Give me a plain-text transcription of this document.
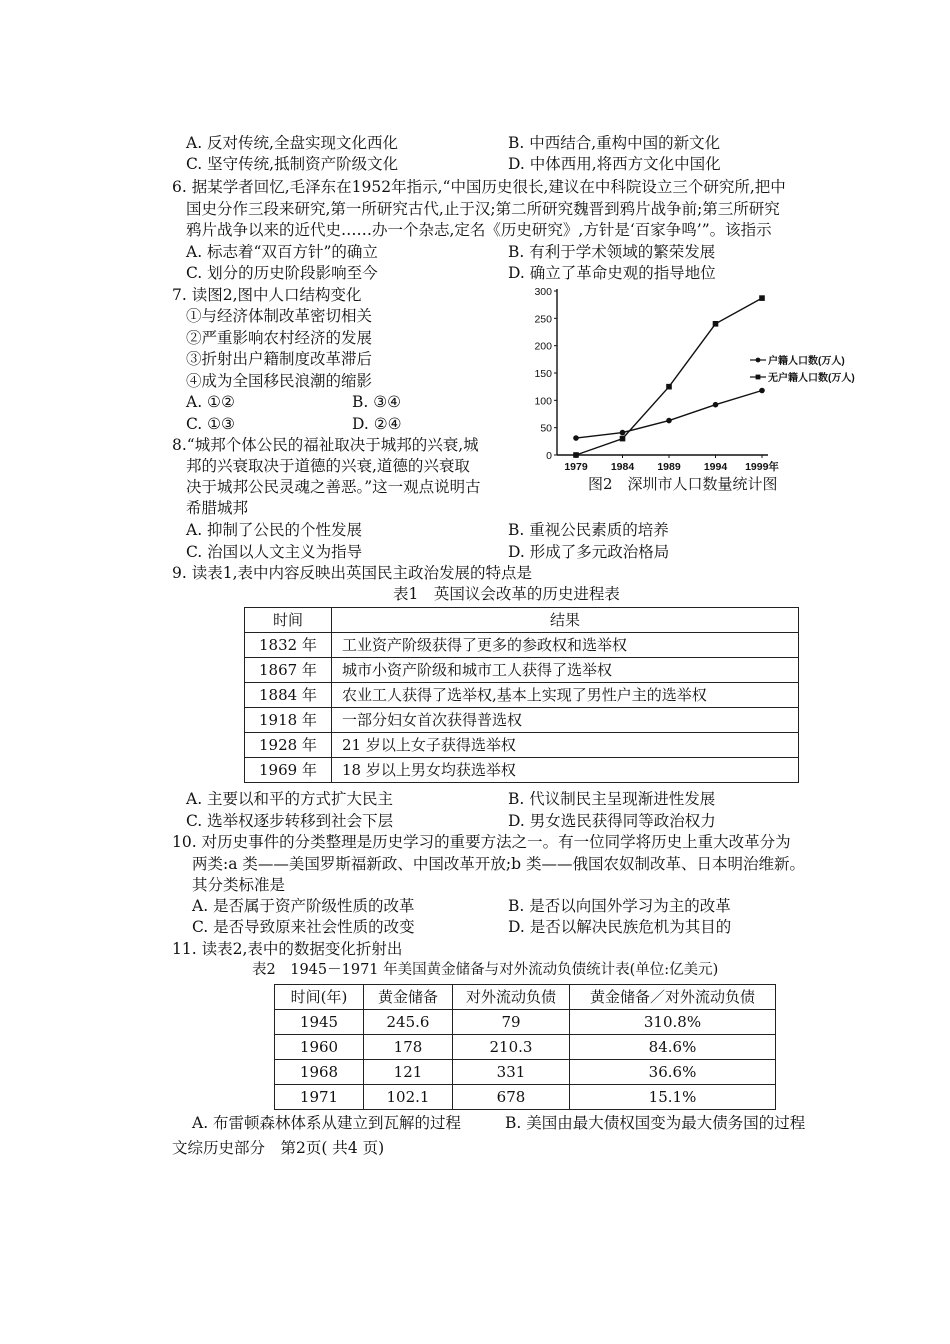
A. 反对传统,全盘实现文化西化	B. 中西结合,重构中国的新文化
C. 坚守传统,抵制资产阶级文化	D. 中体西用,将西方文化中国化
6. 据某学者回忆,毛泽东在1952年指示,“中国历史很长,建议在中科院设立三个研究所,把中
国史分作三段来研究,第一所研究古代,止于汉;第二所研究魏晋到鸦片战争前;第三所研究
鸦片战争以来的近代史……办一个杂志,定名《历史研究》,方针是‘百家争鸣’”。该指示
A. 标志着“双百方针”的确立	B. 有利于学术领域的繁荣发展
C. 划分的历史阶段影响至今	D. 确立了革命史观的指导地位
7. 读图2,图中人口结构变化
①与经济体制改革密切相关
②严重影响农村经济的发展
③折射出户籍制度改革滞后
④成为全国移民浪潮的缩影
A. ①②	B. ③④
C. ①③	D. ②④
0
50
100
150
200
250
300
1979 1984 1989 1994 1999年
户籍人口数(万人)
无户籍人口数(万人)
图2　深圳市人口数量统计图
8.“城邦个体公民的福祉取决于城邦的兴衰,城
邦的兴衰取决于道德的兴衰,道德的兴衰取
决于城邦公民灵魂之善恶。”这一观点说明古
希腊城邦
A. 抑制了公民的个性发展	B. 重视公民素质的培养
C. 治国以人文主义为指导	D. 形成了多元政治格局
9. 读表1,表中内容反映出英国民主政治发展的特点是
表1　英国议会改革的历史进程表
时间	结果
1832 年	工业资产阶级获得了更多的参政权和选举权
1867 年	城市小资产阶级和城市工人获得了选举权
1884 年	农业工人获得了选举权,基本上实现了男性户主的选举权
1918 年	一部分妇女首次获得普选权
1928 年	21 岁以上女子获得选举权
1969 年	18 岁以上男女均获选举权
A. 主要以和平的方式扩大民主	B. 代议制民主呈现渐进性发展
C. 选举权逐步转移到社会下层	D. 男女选民获得同等政治权力
10. 对历史事件的分类整理是历史学习的重要方法之一。有一位同学将历史上重大改革分为
两类:a 类——美国罗斯福新政、中国改革开放;b 类——俄国农奴制改革、日本明治维新。
其分类标准是
A. 是否属于资产阶级性质的改革	B. 是否以向国外学习为主的改革
C. 是否导致原来社会性质的改变	D. 是否以解决民族危机为其目的
11. 读表2,表中的数据变化折射出
表2　1945－1971 年美国黄金储备与对外流动负债统计表(单位:亿美元)
时间(年)	黄金储备	对外流动负债	黄金储备／对外流动负债
1945	245.6	79	310.8%
1960	178	210.3	84.6%
1968	121	331	36.6%
1971	102.1	678	15.1%
A. 布雷顿森林体系从建立到瓦解的过程	B. 美国由最大债权国变为最大债务国的过程
文综历史部分　第2页( 共4 页)
